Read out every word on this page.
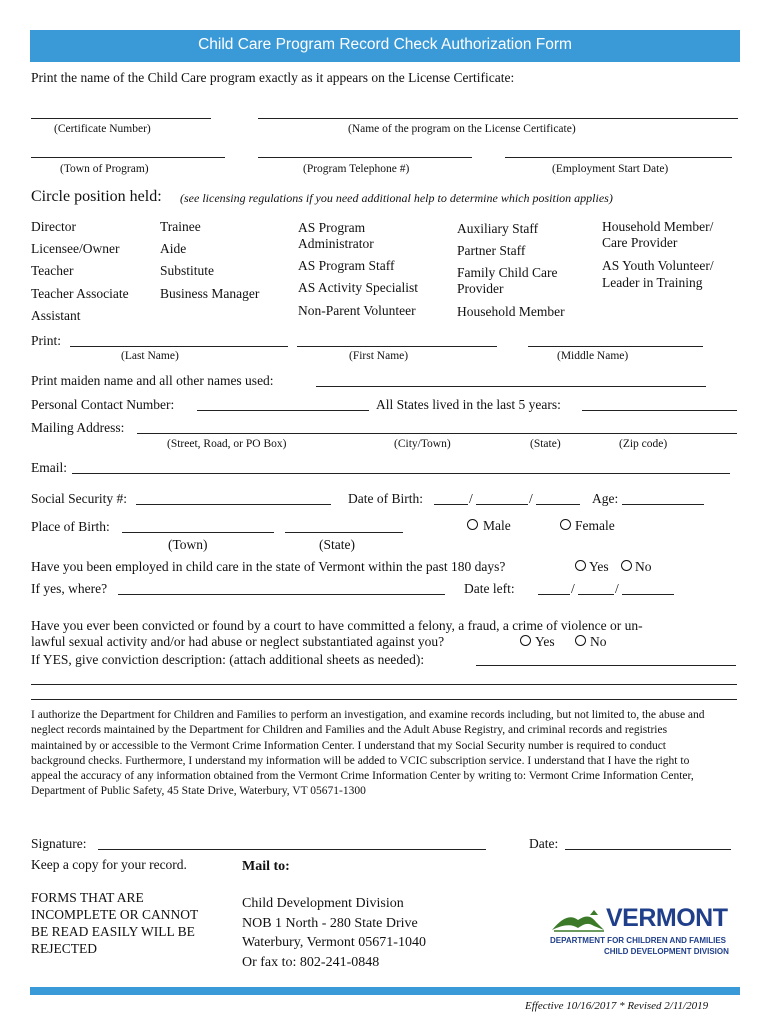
Child Care Program Record Check Authorization Form
Print the name of the Child Care program exactly as it appears on the License Certificate:
(Certificate Number)	(Name of the program on the License Certificate)
(Town of Program)	(Program Telephone #)	(Employment Start Date)
Circle position held: (see licensing regulations if you need additional help to determine which position applies)
Director
Licensee/Owner
Teacher
Teacher Associate
Assistant
Trainee
Aide
Substitute
Business Manager
AS Program
Administrator
AS Program Staff
AS Activity Specialist
Non-Parent Volunteer
Auxiliary Staff
Partner Staff
Family Child Care
Provider
Household Member
Household Member/
Care Provider
AS Youth Volunteer/
Leader in Training
Print:
(Last Name)	(First Name)	(Middle Name)
Print maiden name and all other names used:
Personal Contact Number:	All States lived in the last 5 years:
Mailing Address:
(Street, Road, or PO Box)	(City/Town)	(State)	(Zip code)
Email:
Social Security #:	Date of Birth:	/	/	Age:
Place of Birth:
(Town)	(State)
Male	Female
Have you been employed in child care in the state of Vermont within the past 180 days?	Yes No
If yes, where?	Date left:	/	/
Have you ever been convicted or found by a court to have committed a felony, a fraud, a crime of violence or un-
lawful sexual activity and/or had abuse or neglect substantiated against you?	Yes	No
If YES, give conviction description: (attach additional sheets as needed):
I authorize the Department for Children and Families to perform an investigation, and examine records including, but not limited to, the abuse and neglect records maintained by the Department for Children and Families and the Adult Abuse Registry, and criminal records and registries maintained by or accessible to the Vermont Crime Information Center. I understand that my Social Security number is required to conduct background checks. Furthermore, I understand my information will be added to VCIC subscription service. I understand that I have the right to appeal the accuracy of any information obtained from the Vermont Crime Information Center by writing to: Vermont Crime Information Center, Department of Public Safety, 45 State Drive, Waterbury, VT 05671-1300
Signature:	Date:
Keep a copy for your record.	Mail to:
FORMS THAT ARE
INCOMPLETE OR CANNOT
BE READ EASILY WILL BE
REJECTED
Child Development Division
NOB 1 North - 280 State Drive
Waterbury, Vermont 05671-1040
Or fax to: 802-241-0848
VERMONT
DEPARTMENT FOR CHILDREN AND FAMILIES
CHILD DEVELOPMENT DIVISION
Effective 10/16/2017 * Revised 2/11/2019
